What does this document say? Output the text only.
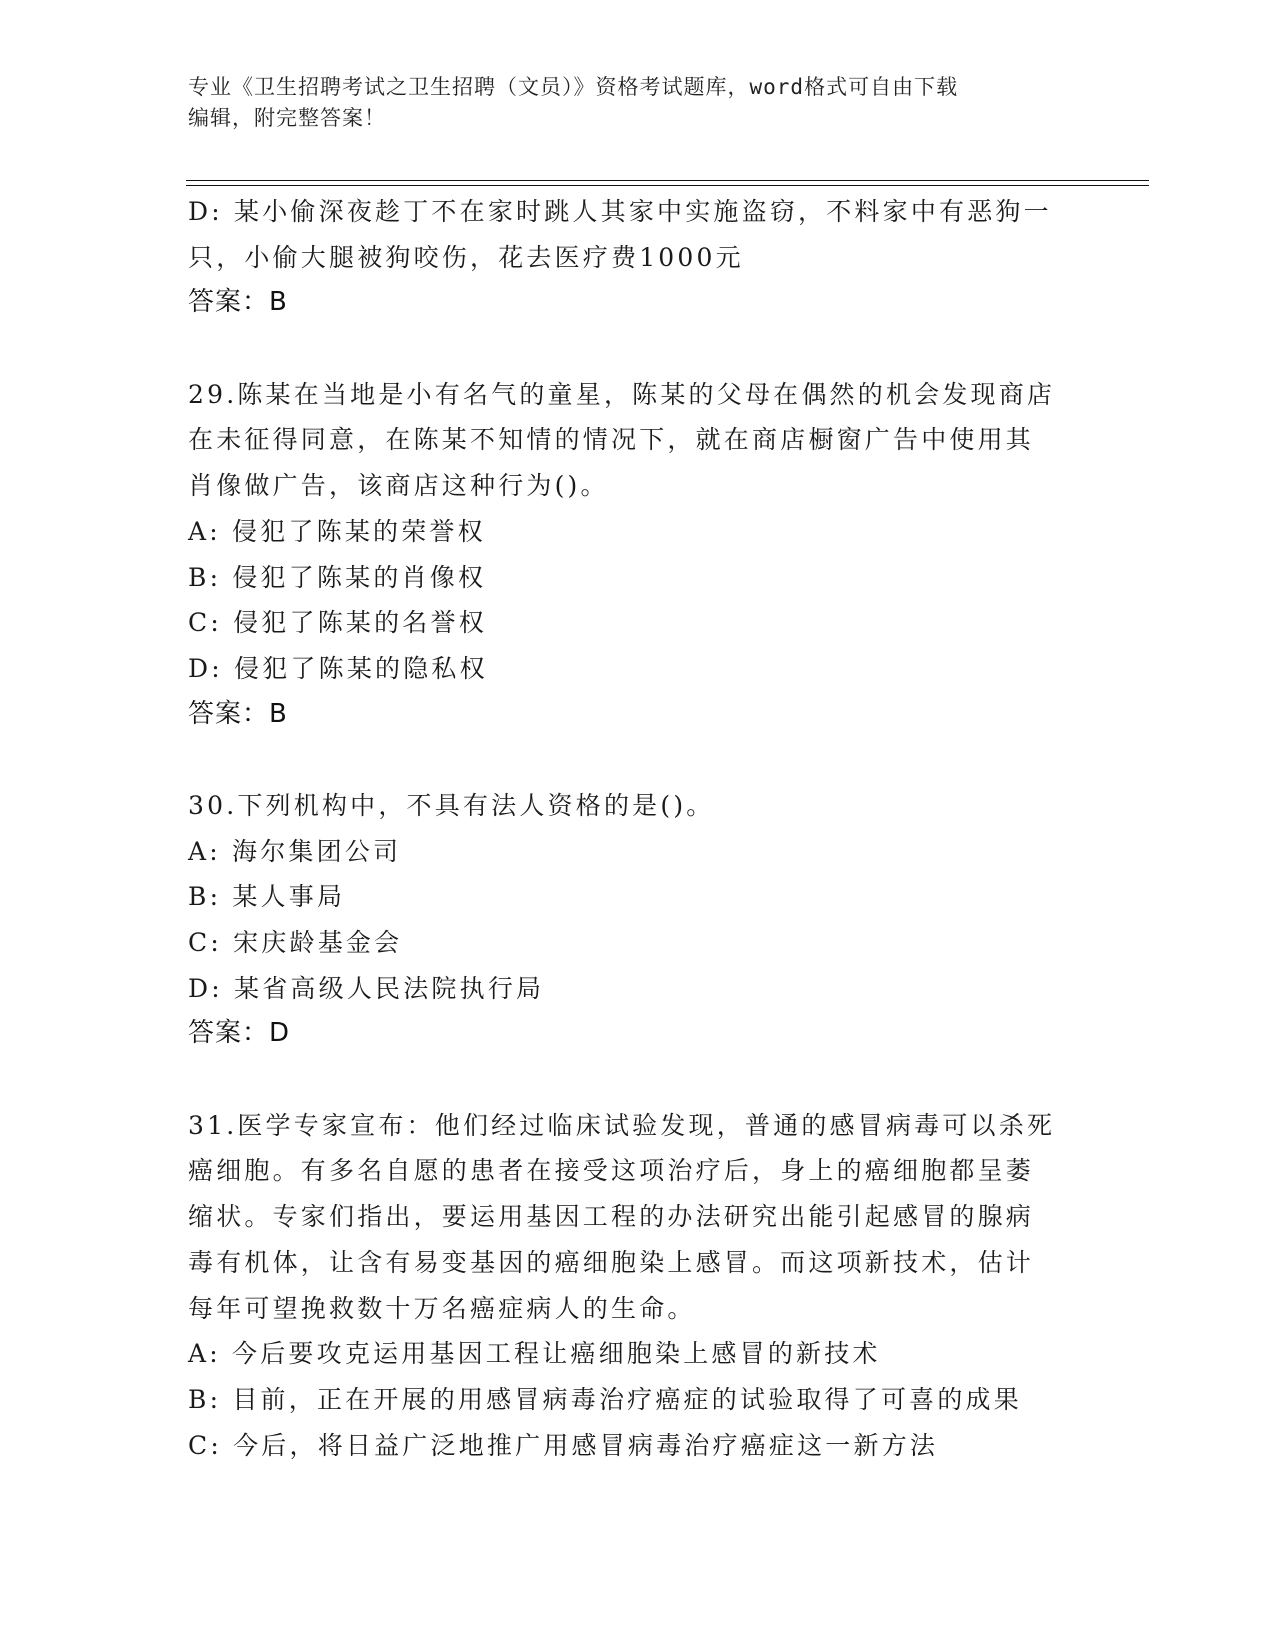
专业《卫生招聘考试之卫生招聘（文员）》资格考试题库，word格式可自由下载
编辑，附完整答案！
D: 某小偷深夜趁丁不在家时跳人其家中实施盗窃，不料家中有恶狗一
只，小偷大腿被狗咬伤，花去医疗费1000元
答案：B
29.陈某在当地是小有名气的童星，陈某的父母在偶然的机会发现商店
在未征得同意，在陈某不知情的情况下，就在商店橱窗广告中使用其
肖像做广告，该商店这种行为()。
A: 侵犯了陈某的荣誉权
B: 侵犯了陈某的肖像权
C: 侵犯了陈某的名誉权
D: 侵犯了陈某的隐私权
答案：B
30.下列机构中，不具有法人资格的是()。
A: 海尔集团公司
B: 某人事局
C: 宋庆龄基金会
D: 某省高级人民法院执行局
答案：D
31.医学专家宣布：他们经过临床试验发现，普通的感冒病毒可以杀死
癌细胞。有多名自愿的患者在接受这项治疗后，身上的癌细胞都呈萎
缩状。专家们指出，要运用基因工程的办法研究出能引起感冒的腺病
毒有机体，让含有易变基因的癌细胞染上感冒。而这项新技术，估计
每年可望挽救数十万名癌症病人的生命。
A: 今后要攻克运用基因工程让癌细胞染上感冒的新技术
B: 目前，正在开展的用感冒病毒治疗癌症的试验取得了可喜的成果
C: 今后，将日益广泛地推广用感冒病毒治疗癌症这一新方法
